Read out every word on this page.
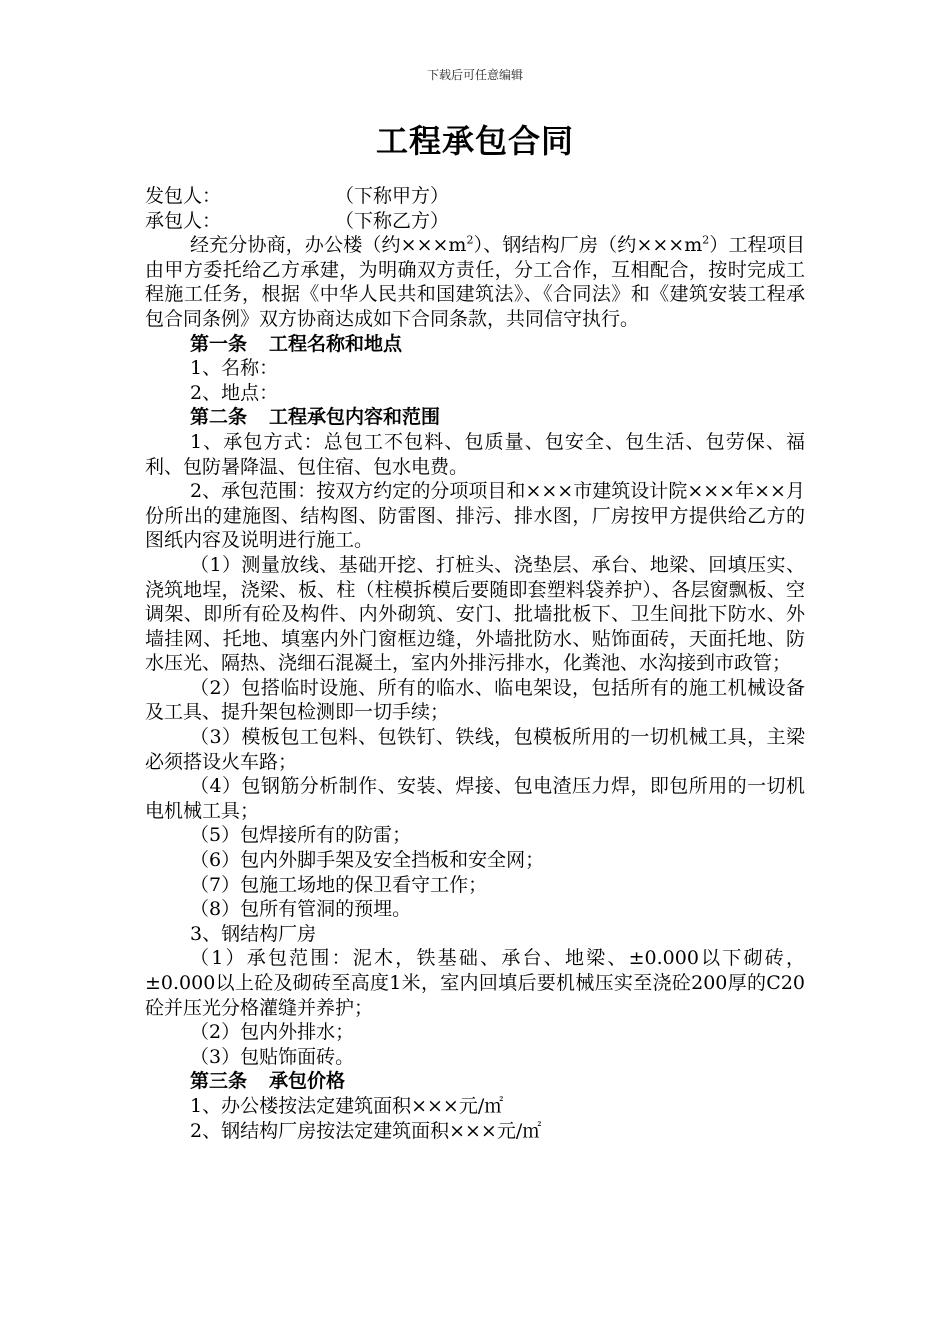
下载后可任意编辑
工程承包合同
发包人：	（下称甲方）
承包人：	（下称乙方）

经充分协商，办公楼（约$\times\times\times m^2$）、钢结构厂房（约$\times\times\times m^2$）工程项目由甲方委托给乙方承建，为明确双方责任，分工合作，互相配合，按时完成工程施工任务，根据《中华人民共和国建筑法》、《合同法》和《建筑安装工程承包合同条例》双方协商达成如下合同条款，共同信守执行。

第一条 工程名称和地点

1、名称：

2、地点：

第二条 工程承包内容和范围

1、承包方式：总包工不包料、包质量、包安全、包生活、包劳保、福利、包防暑降温、包住宿、包水电费。

2、承包范围：按双方约定的分项项目和×××市建筑设计院×××年××月份所出的建施图、结构图、防雷图、排污、排水图，厂房按甲方提供给乙方的图纸内容及说明进行施工。

（1）测量放线、基础开挖、打桩头、浇垫层、承台、地梁、回填压实、浇筑地埕，浇梁、板、柱（柱模拆模后要随即套塑料袋养护）、各层窗飘板、空调架、即所有砼及构件、内外砌筑、安门、批墙批板下、卫生间批下防水、外墙挂网、托地、填塞内外门窗框边缝，外墙批防水、贴饰面砖，天面托地、防水压光、隔热、浇细石混凝土，室内外排污排水，化粪池、水沟接到市政管；

（2）包搭临时设施、所有的临水、临电架设，包括所有的施工机械设备及工具、提升架包检测即一切手续；

（3）模板包工包料、包铁钉、铁线，包模板所用的一切机械工具，主梁必须搭设火车路；

（4）包钢筋分析制作、安装、焊接、包电渣压力焊，即包所用的一切机电机械工具；

（5）包焊接所有的防雷；

（6）包内外脚手架及安全挡板和安全网；

（7）包施工场地的保卫看守工作；

（8）包所有管洞的预埋。

3、钢结构厂房

（1）承包范围：泥木，铁基础、承台、地梁、±0.000以下砌砖，±0.000以上砼及砌砖至高度1米，室内回填后要机械压实至浇砼200厚的C20砼并压光分格灌缝并养护；

（2）包内外排水；

（3）包贴饰面砖。

第三条 承包价格

1、办公楼按法定建筑面积×××元/㎡

2、钢结构厂房按法定建筑面积×××元/㎡
